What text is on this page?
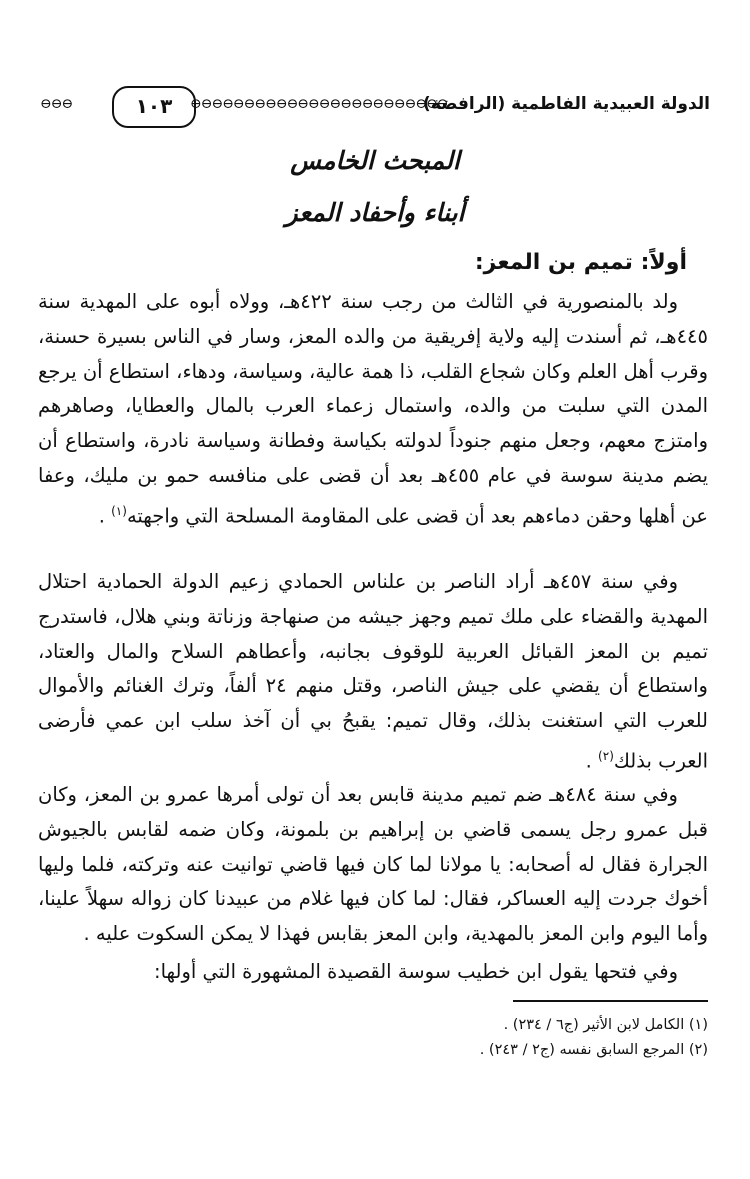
الدولة العبيدية الفاطمية (الرافضة)
⊖⊖⊖⊖⊖⊖⊖⊖⊖⊖⊖⊖⊖⊖⊖⊖⊖⊖⊖⊖⊖⊖⊖⊖
١٠٣
⊖⊖⊖
المبحث الخامس
أبناء وأحفاد المعز
أولاً: تميم بن المعز:
ولد بالمنصورية في الثالث من رجب سنة ٤٢٢هـ، وولاه أبوه على المهدية سنة ٤٤٥هـ، ثم أسندت إليه ولاية إفريقية من والده المعز، وسار في الناس بسيرة حسنة، وقرب أهل العلم وكان شجاع القلب، ذا همة عالية، وسياسة، ودهاء، استطاع أن يرجع المدن التي سلبت من والده، واستمال زعماء العرب بالمال والعطايا، وصاهرهم وامتزج معهم، وجعل منهم جنوداً لدولته بكياسة وفطانة وسياسة نادرة، واستطاع أن يضم مدينة سوسة في عام ٤٥٥هـ بعد أن قضى على منافسه حمو بن مليك، وعفا عن أهلها وحقن دماءهم بعد أن قضى على المقاومة المسلحة التي واجهته$^{(١)}$ .
وفي سنة ٤٥٧هـ أراد الناصر بن علناس الحمادي زعيم الدولة الحمادية احتلال المهدية والقضاء على ملك تميم وجهز جيشه من صنهاجة وزناتة وبني هلال، فاستدرج تميم بن المعز القبائل العربية للوقوف بجانبه، وأعطاهم السلاح والمال والعتاد، واستطاع أن يقضي على جيش الناصر، وقتل منهم ٢٤ ألفاً، وترك الغنائم والأموال للعرب التي استغنت بذلك، وقال تميم: يقبحُ بي أن آخذ سلب ابن عمي فأرضى العرب بذلك$^{(٢)}$ .
وفي سنة ٤٨٤هـ ضم تميم مدينة قابس بعد أن تولى أمرها عمرو بن المعز، وكان قبل عمرو رجل يسمى قاضي بن إبراهيم بن بلمونة، وكان ضمه لقابس بالجيوش الجرارة فقال له أصحابه: يا مولانا لما كان فيها قاضي توانيت عنه وتركته، فلما وليها أخوك جردت إليه العساكر، فقال: لما كان فيها غلام من عبيدنا كان زواله سهلاً علينا، وأما اليوم وابن المعز بالمهدية، وابن المعز بقابس فهذا لا يمكن السكوت عليه .
وفي فتحها يقول ابن خطيب سوسة القصيدة المشهورة التي أولها:
(١) الكامل لابن الأثير (ج٦ / ٢٣٤) .
(٢) المرجع السابق نفسه (ج٢ / ٢٤٣) .
